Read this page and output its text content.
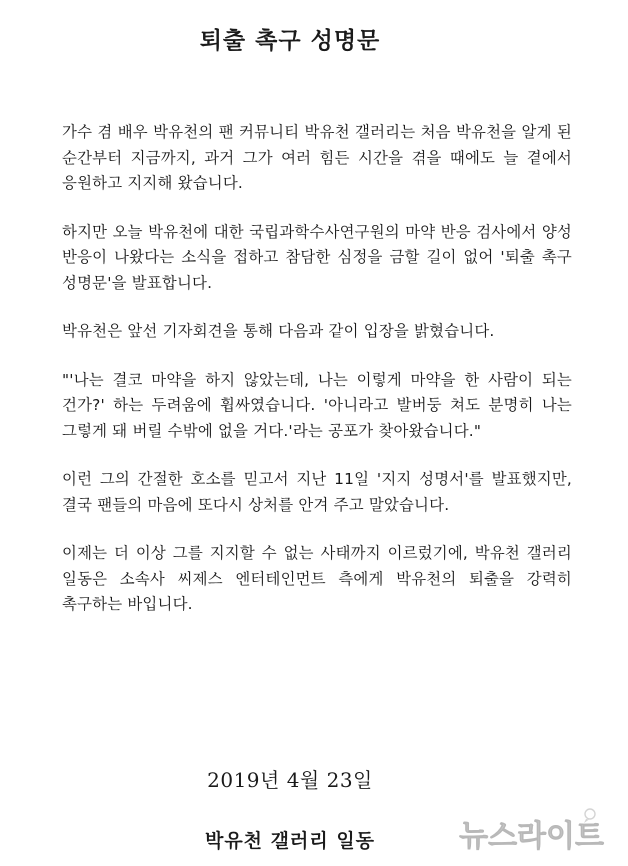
퇴출 촉구 성명문

가수 겸 배우 박유천의 팬 커뮤니티 박유천 갤러리는 처음 박유천을 알게 된 순간부터 지금까지, 과거 그가 여러 힘든 시간을 겪을 때에도 늘 곁에서 응원하고 지지해 왔습니다.

하지만 오늘 박유천에 대한 국립과학수사연구원의 마약 반응 검사에서 양성 반응이 나왔다는 소식을 접하고 참담한 심정을 금할 길이 없어 '퇴출 촉구 성명문'을 발표합니다.

박유천은 앞선 기자회견을 통해 다음과 같이 입장을 밝혔습니다.

"'나는 결코 마약을 하지 않았는데, 나는 이렇게 마약을 한 사람이 되는 건가?' 하는 두려움에 휩싸였습니다. '아니라고 발버둥 쳐도 분명히 나는 그렇게 돼 버릴 수밖에 없을 거다.'라는 공포가 찾아왔습니다."

이런 그의 간절한 호소를 믿고서 지난 11일 '지지 성명서'를 발표했지만, 결국 팬들의 마음에 또다시 상처를 안겨 주고 말았습니다.

이제는 더 이상 그를 지지할 수 없는 사태까지 이르렀기에, 박유천 갤러리 일동은 소속사 씨제스 엔터테인먼트 측에게 박유천의 퇴출을 강력히 촉구하는 바입니다.

2019년 4월 23일
박유천 갤러리 일동	뉴스라이트
